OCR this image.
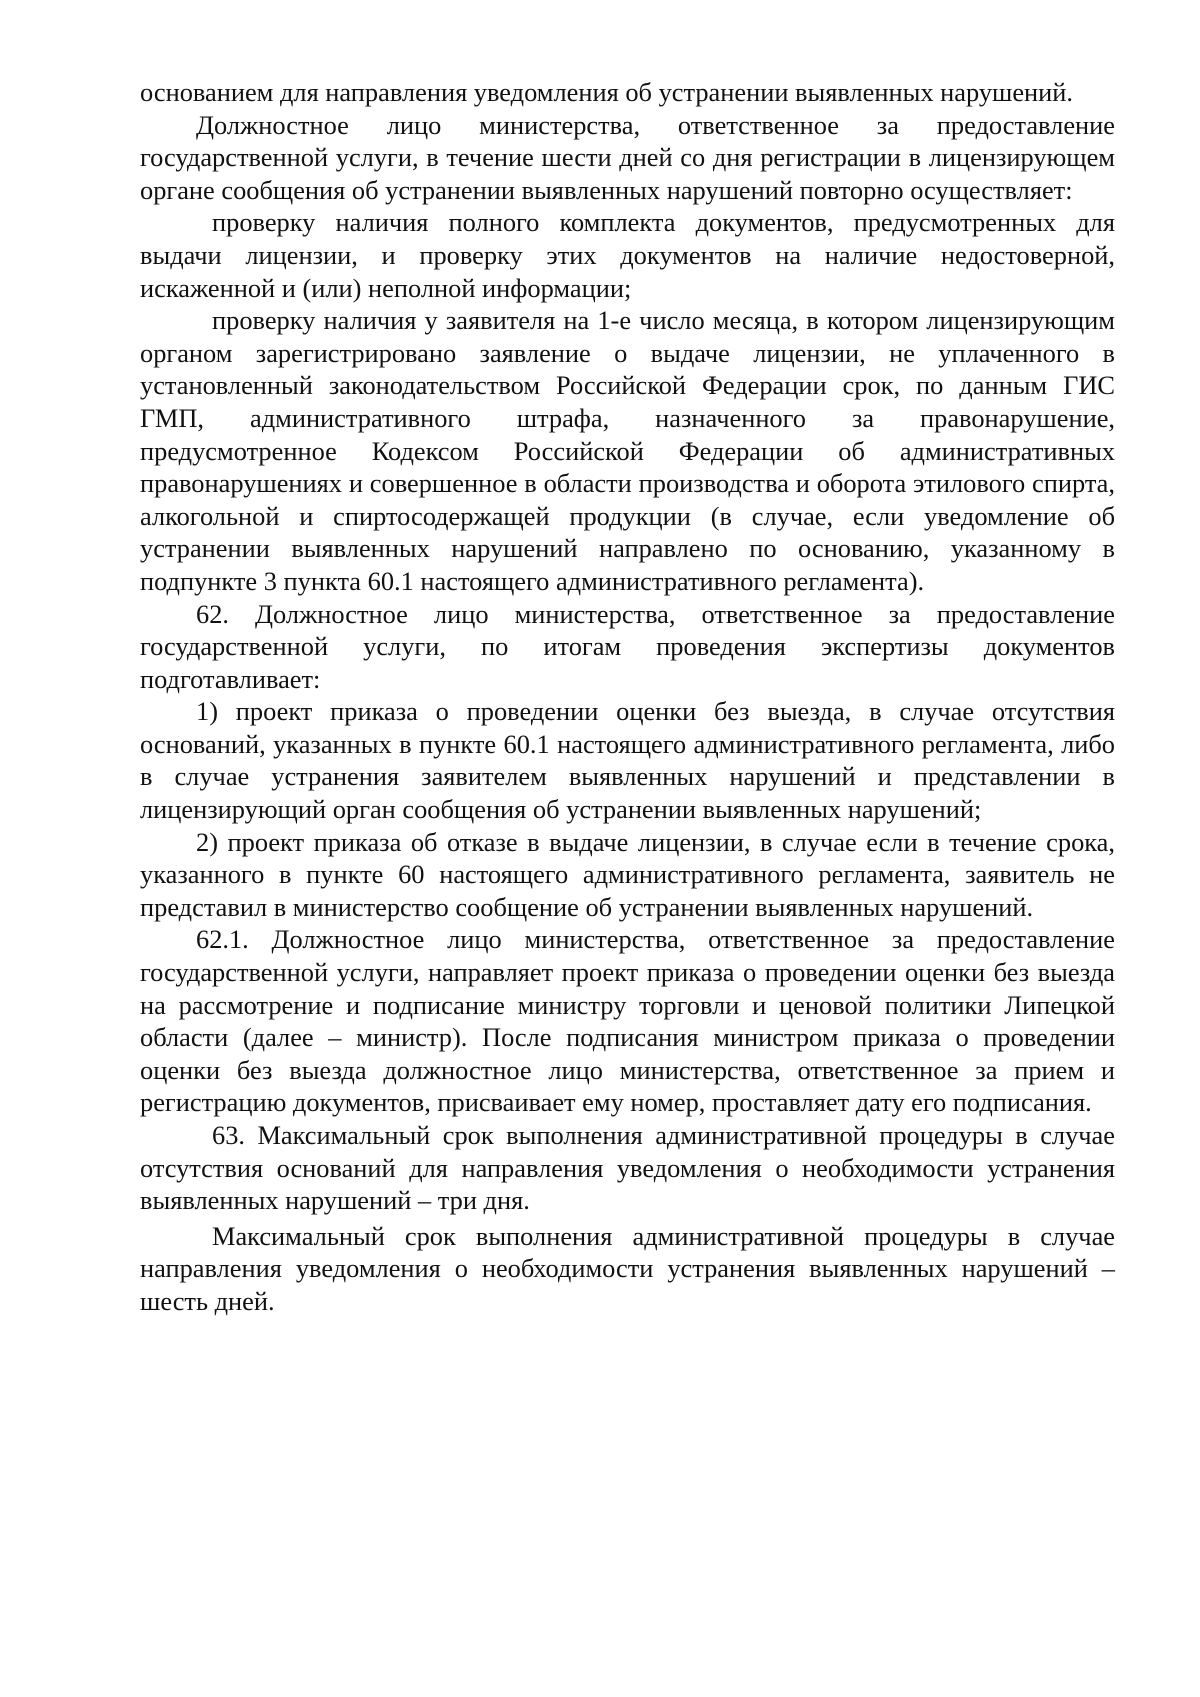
основанием для направления уведомления об устранении выявленных нарушений.

Должностное лицо министерства, ответственное за предоставление государственной услуги, в течение шести дней со дня регистрации в лицензирующем органе сообщения об устранении выявленных нарушений повторно осуществляет:

проверку наличия полного комплекта документов, предусмотренных для выдачи лицензии, и проверку этих документов на наличие недостоверной, искаженной и (или) неполной информации;

проверку наличия у заявителя на 1-е число месяца, в котором лицензирующим органом зарегистрировано заявление о выдаче лицензии, не уплаченного в установленный законодательством Российской Федерации срок, по данным ГИС ГМП, административного штрафа, назначенного за правонарушение, предусмотренное Кодексом Российской Федерации об административных правонарушениях и совершенное в области производства и оборота этилового спирта, алкогольной и спиртосодержащей продукции (в случае, если уведомление об устранении выявленных нарушений направлено по основанию, указанному в подпункте 3 пункта 60.1 настоящего административного регламента).

62. Должностное лицо министерства, ответственное за предоставление государственной услуги, по итогам проведения экспертизы документов подготавливает:

1) проект приказа о проведении оценки без выезда, в случае отсутствия оснований, указанных в пункте 60.1 настоящего административного регламента, либо в случае устранения заявителем выявленных нарушений и представлении в лицензирующий орган сообщения об устранении выявленных нарушений;

2) проект приказа об отказе в выдаче лицензии, в случае если в течение срока, указанного в пункте 60 настоящего административного регламента, заявитель не представил в министерство сообщение об устранении выявленных нарушений.

62.1. Должностное лицо министерства, ответственное за предоставление государственной услуги, направляет проект приказа о проведении оценки без выезда на рассмотрение и подписание министру торговли и ценовой политики Липецкой области (далее – министр). После подписания министром приказа о проведении оценки без выезда должностное лицо министерства, ответственное за прием и регистрацию документов, присваивает ему номер, проставляет дату его подписания.

63. Максимальный срок выполнения административной процедуры в случае отсутствия оснований для направления уведомления о необходимости устранения выявленных нарушений – три дня.

Максимальный срок выполнения административной процедуры в случае направления уведомления о необходимости устранения выявленных нарушений – шесть дней.
